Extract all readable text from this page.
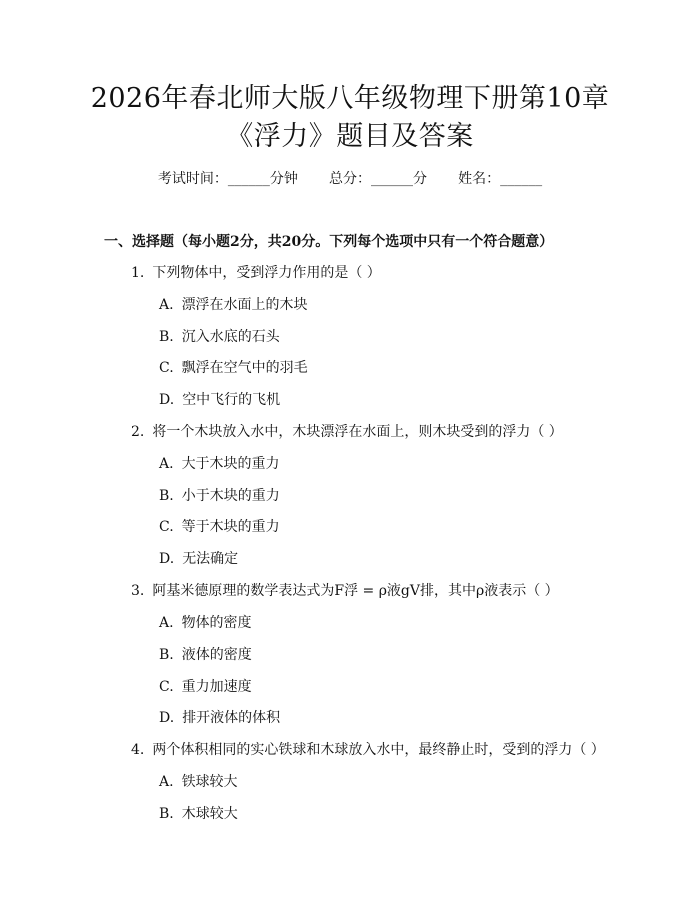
2026年春北师大版八年级物理下册第10章
《浮力》题目及答案
考试时间：______分钟 总分：______分 姓名：______
一、选择题（每小题2分，共20分。下列每个选项中只有一个符合题意）
1. 下列物体中，受到浮力作用的是（ ）
A. 漂浮在水面上的木块
B. 沉入水底的石头
C. 飘浮在空气中的羽毛
D. 空中飞行的飞机
2. 将一个木块放入水中，木块漂浮在水面上，则木块受到的浮力（ ）
A. 大于木块的重力
B. 小于木块的重力
C. 等于木块的重力
D. 无法确定
3. 阿基米德原理的数学表达式为F浮 = ρ液gV排，其中ρ液表示（ ）
A. 物体的密度
B. 液体的密度
C. 重力加速度
D. 排开液体的体积
4. 两个体积相同的实心铁球和木球放入水中，最终静止时，受到的浮力（ ）
A. 铁球较大
B. 木球较大
